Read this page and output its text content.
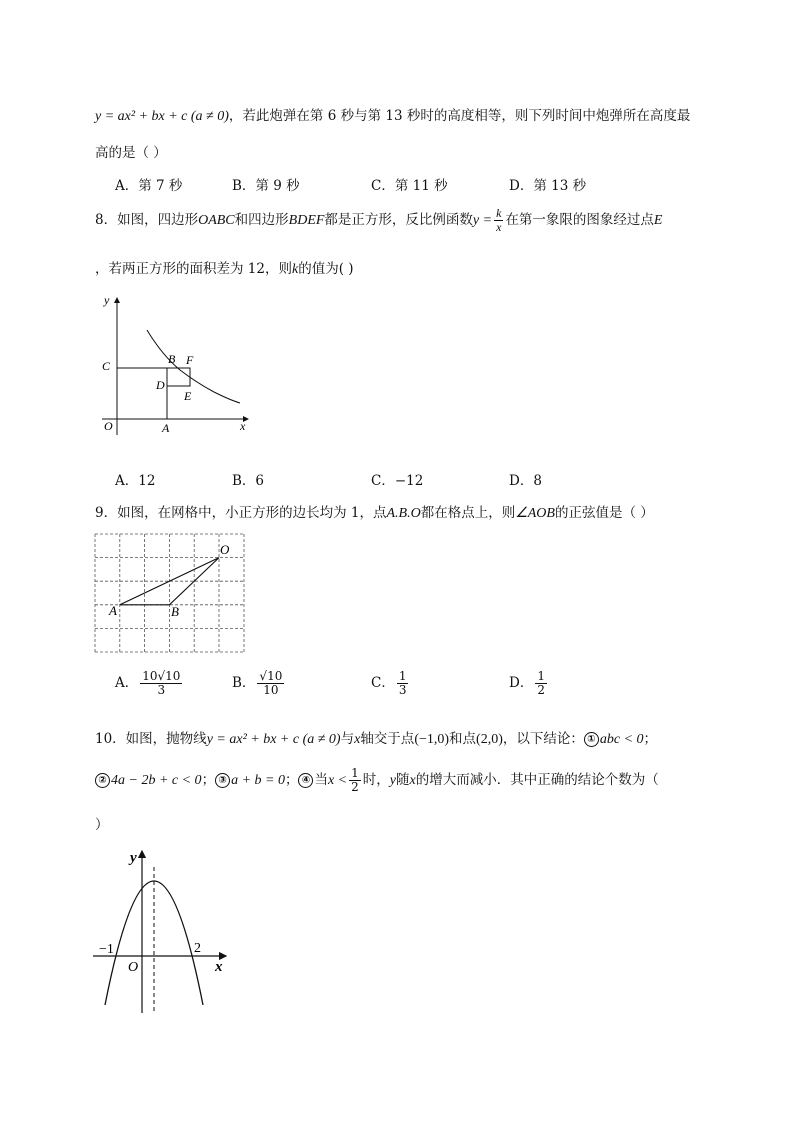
y = ax² + bx + c (a ≠ 0)，若此炮弹在第 6 秒与第 13 秒时的高度相等，则下列时间中炮弹所在高度最
高的是（ ）
A．第 7 秒	B．第 9 秒	C．第 11 秒	D．第 13 秒
8．如图，四边形OABC和四边形BDEF都是正方形，反比例函数$y = \frac{k}{x}$ 在第一象限的图象经过点E
，若两正方形的面积差为 12，则k的值为( )
y
x
C	B F
D
E
O	A
A．12	B．6	C．−12	D．8
9．如图，在网格中，小正方形的边长均为 1，点A.B.O都在格点上，则∠AOB的正弦值是（ ）
A	B
O
A． $\frac{10√10}{3}$	B． $\frac{√10}{10}$	C． $\frac{1}{3}$	D． $\frac{1}{2}$
10．如图，抛物线y = ax² + bx + c (a ≠ 0)与x轴交于点(−1,0)和点(2,0)，以下结论： ① abc < 0；
② 4a − 2b + c < 0； ③ a + b = 0； ④ 当$x < \frac{1}{2}$ 时，y随x的增大而减小．其中正确的结论个数为（
）
y
x
−1	2
O
